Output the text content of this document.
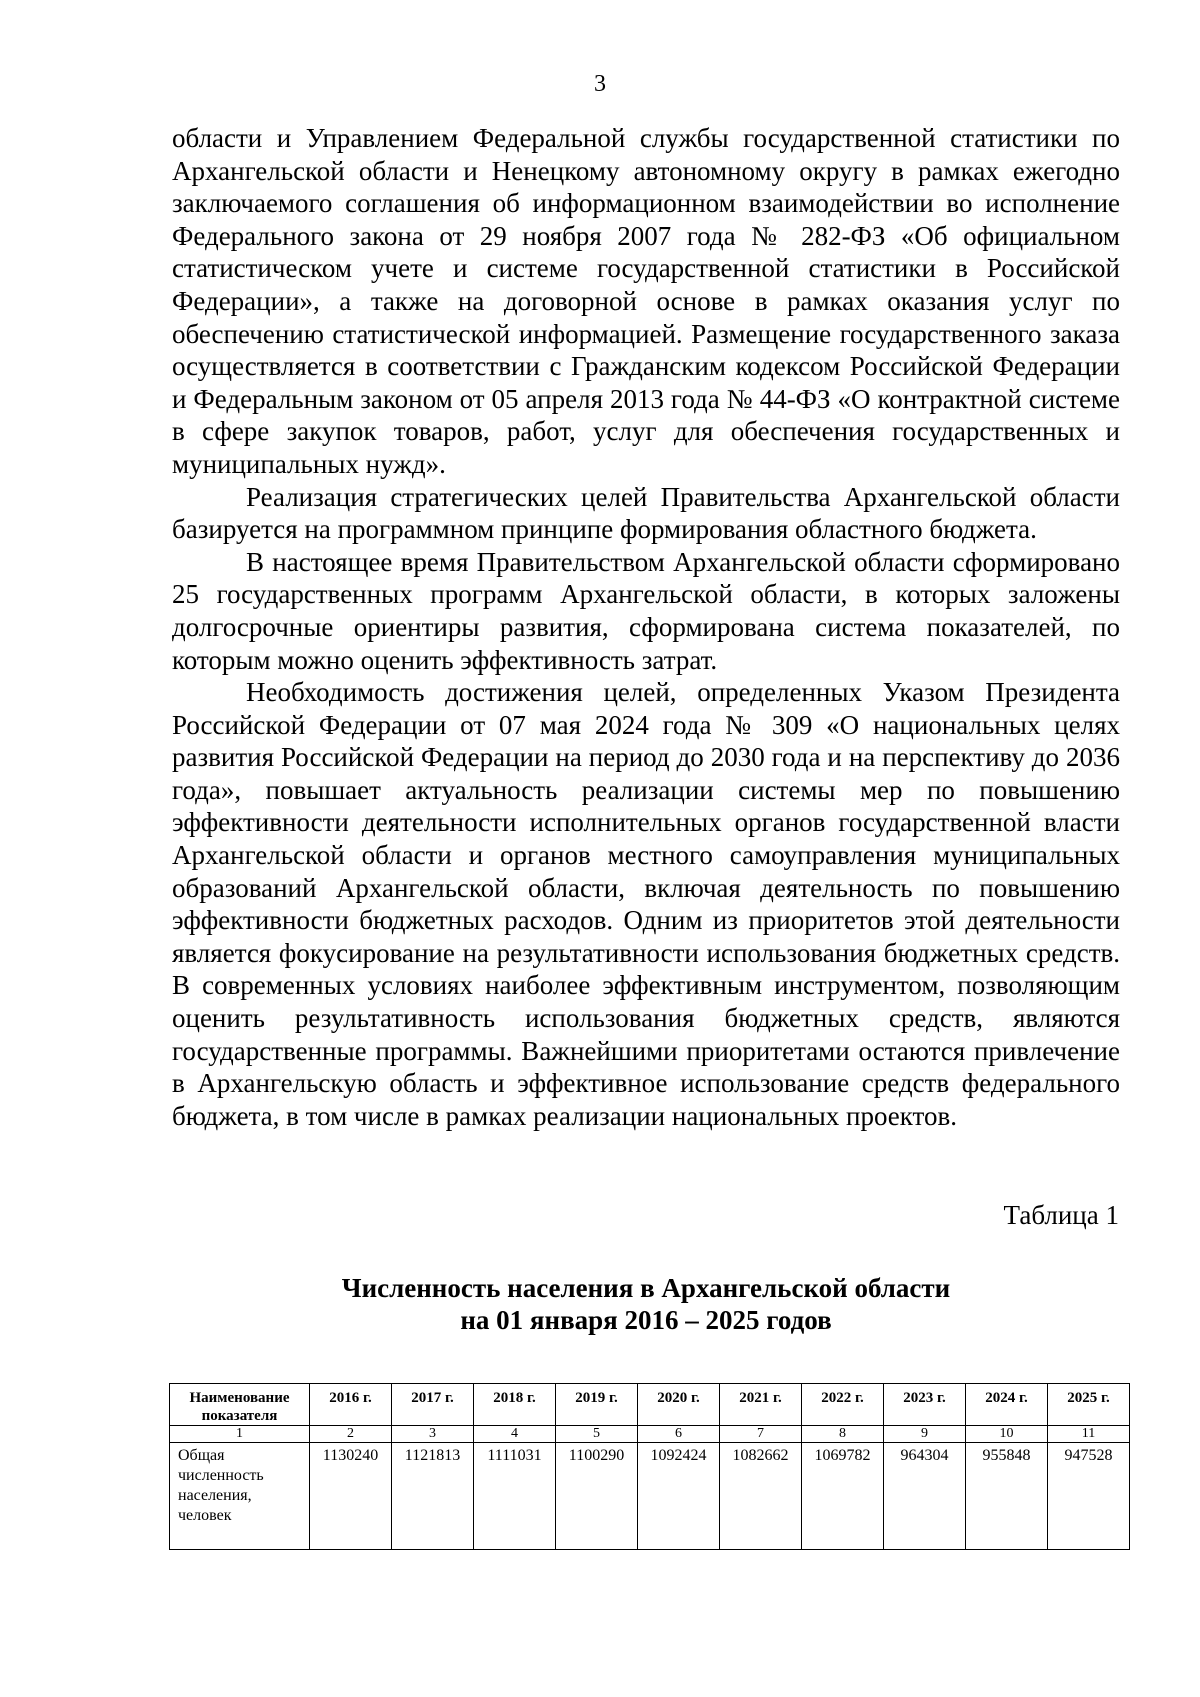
3

области и Управлением Федеральной службы государственной статистики по Архангельской области и Ненецкому автономному округу в рамках ежегодно заключаемого соглашения об информационном взаимодействии во исполнение Федерального закона от 29 ноября 2007 года № 282-ФЗ «Об официальном статистическом учете и системе государственной статистики в Российской Федерации», а также на договорной основе в рамках оказания услуг по обеспечению статистической информацией. Размещение государственного заказа осуществляется в соответствии с Гражданским кодексом Российской Федерации и Федеральным законом от 05 апреля 2013 года № 44-ФЗ «О контрактной системе в сфере закупок товаров, работ, услуг для обеспечения государственных и муниципальных нужд».

Реализация стратегических целей Правительства Архангельской области базируется на программном принципе формирования областного бюджета.

В настоящее время Правительством Архангельской области сформировано 25 государственных программ Архангельской области, в которых заложены долгосрочные ориентиры развития, сформирована система показателей, по которым можно оценить эффективность затрат.

Необходимость достижения целей, определенных Указом Президента Российской Федерации от 07 мая 2024 года № 309 «О национальных целях развития Российской Федерации на период до 2030 года и на перспективу до 2036 года», повышает актуальность реализации системы мер по повышению эффективности деятельности исполнительных органов государственной власти Архангельской области и органов местного самоуправления муниципальных образований Архангельской области, включая деятельность по повышению эффективности бюджетных расходов. Одним из приоритетов этой деятельности является фокусирование на результативности использования бюджетных средств. В современных условиях наиболее эффективным инструментом, позволяющим оценить результативность использования бюджетных средств, являются государственные программы. Важнейшими приоритетами остаются привлечение в Архангельскую область и эффективное использование средств федерального бюджета, в том числе в рамках реализации национальных проектов.

Таблица 1
Численность населения в Архангельской области
на 01 января 2016 – 2025 годов
Наименование показателя	2016 г.	2017 г.	2018 г.	2019 г.	2020 г.	2021 г.	2022 г.	2023 г.	2024 г.	2025 г.
1	2	3	4	5	6	7	8	9	10	11
Общая численность населения, человек	1130240	1121813	1111031	1100290	1092424	1082662	1069782	964304	955848	947528
